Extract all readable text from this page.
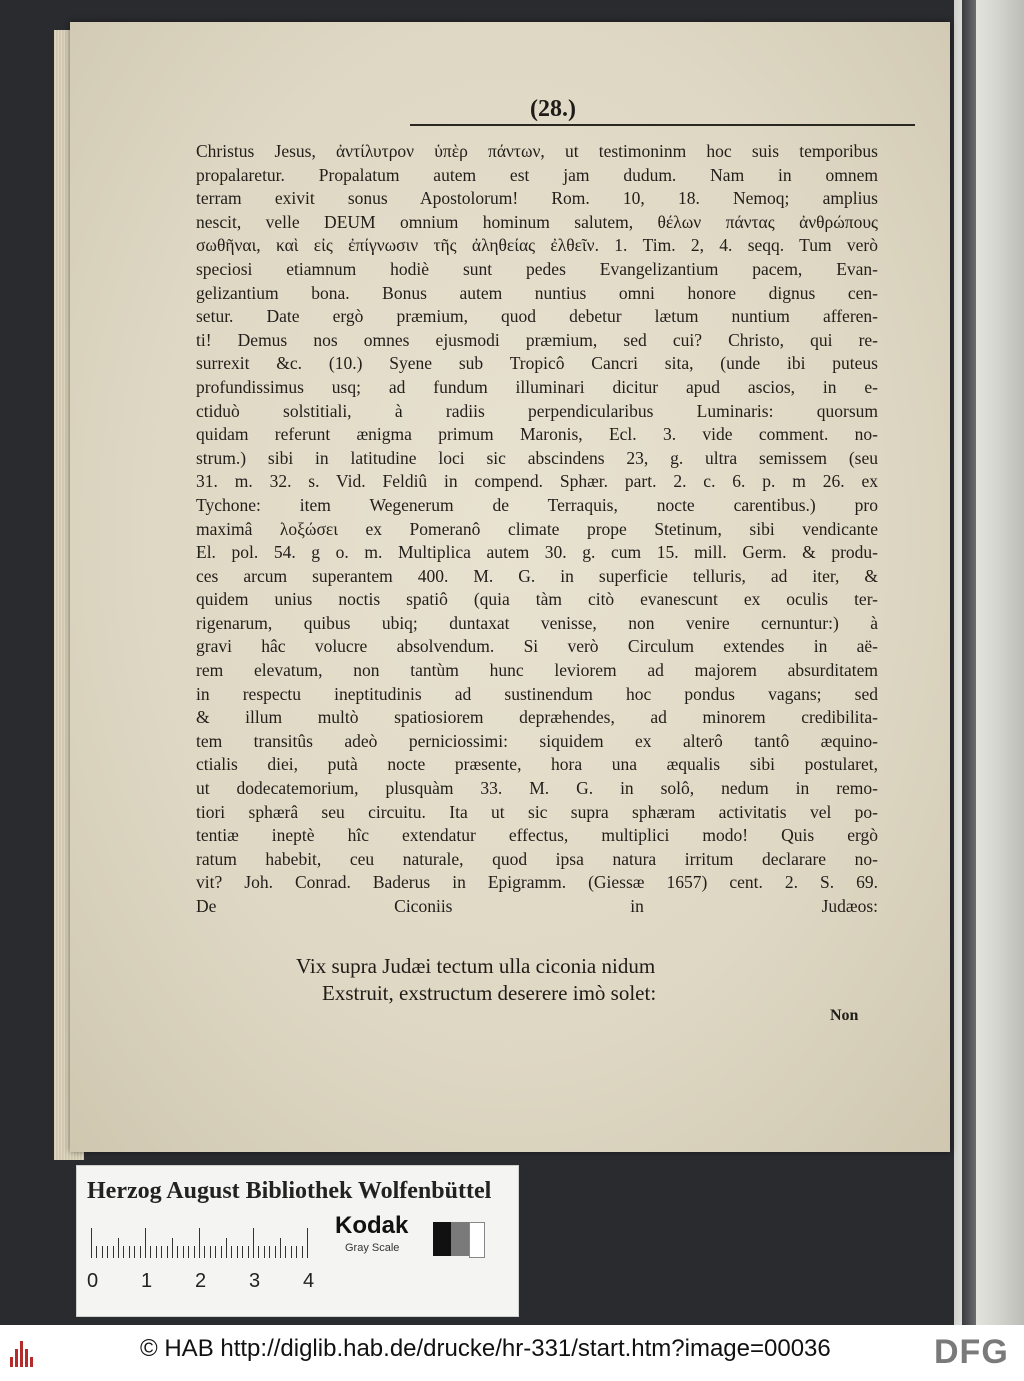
(28.)
Christus Jesus, ἀντίλυτρον ὑπὲρ πάντων, ut testimoninm hoc suis temporibus
propalaretur. Propalatum autem est jam dudum. Nam in omnem
terram exivit sonus Apostolorum! Rom. 10, 18. Nemoq; amplius
nescit, velle DEUM omnium hominum salutem, θέλων πάντας ἀνθρώπους
σωθῆναι, καὶ εἰς ἐπίγνωσιν τῆς ἀληθείας ἐλθεῖν. 1. Tim. 2, 4. seqq. Tum verò
speciosi etiamnum hodiè sunt pedes Evangelizantium pacem, Evan-
gelizantium bona. Bonus autem nuntius omni honore dignus cen-
setur. Date ergò præmium, quod debetur lætum nuntium afferen-
ti! Demus nos omnes ejusmodi præmium, sed cui? Christo, qui re-
surrexit &c. (10.) Syene sub Tropicô Cancri sita, (unde ibi puteus
profundissimus usq; ad fundum illuminari dicitur apud ascios, in e-
ctiduò solstitiali, à radiis perpendicularibus Luminaris: quorsum
quidam referunt ænigma primum Maronis, Ecl. 3. vide comment. no-
strum.) sibi in latitudine loci sic abscindens 23, g. ultra semissem (seu
31. m. 32. s. Vid. Feldiû in compend. Sphær. part. 2. c. 6. p. m 26. ex
Tychone: item Wegenerum de Terraquis, nocte carentibus.) pro
maximâ λοξώσει ex Pomeranô climate prope Stetinum, sibi vendicante
El. pol. 54. g o. m. Multiplica autem 30. g. cum 15. mill. Germ. & produ-
ces arcum superantem 400. M. G. in superficie telluris, ad iter, &
quidem unius noctis spatiô (quia tàm citò evanescunt ex oculis ter-
rigenarum, quibus ubiq; duntaxat venisse, non venire cernuntur:) à
gravi hâc volucre absolvendum. Si verò Circulum extendes in aë-
rem elevatum, non tantùm hunc leviorem ad majorem absurditatem
in respectu ineptitudinis ad sustinendum hoc pondus vagans; sed
& illum multò spatiosiorem depræhendes, ad minorem credibilita-
tem transitûs adeò perniciossimi: siquidem ex alterô tantô æquino-
ctialis diei, putà nocte præsente, hora una æqualis sibi postularet,
ut dodecatemorium, plusquàm 33. M. G. in solô, nedum in remo-
tiori sphærâ seu circuitu. Ita ut sic supra sphæram activitatis vel po-
tentiæ ineptè hîc extendatur effectus, multiplici modo! Quis ergò
ratum habebit, ceu naturale, quod ipsa natura irritum declarare no-
vit? Joh. Conrad. Baderus in Epigramm. (Giessæ 1657) cent. 2. S. 69.
De Ciconiis in Judæos:
Vix supra Judæi tectum ulla ciconia nidum
Exstruit, exstructum deserere imò solet:
Non
Herzog August Bibliothek Wolfenbüttel
0 1 2 3 4
Kodak
Gray Scale
© HAB http://diglib.hab.de/drucke/hr-331/start.htm?image=00036	DFG
